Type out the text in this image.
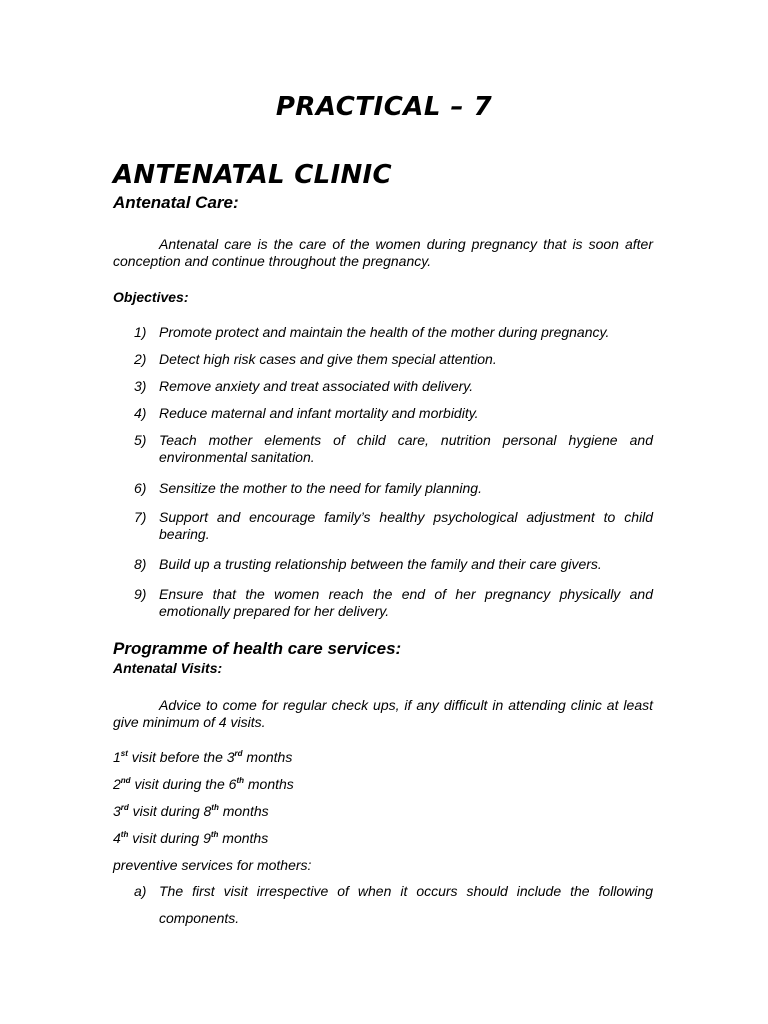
PRACTICAL – 7
ANTENATAL CLINIC
Antenatal Care:
Antenatal care is the care of the women during pregnancy that is soon after conception and continue throughout the pregnancy.
Objectives:
1) Promote protect and maintain the health of the mother during pregnancy.
2) Detect high risk cases and give them special attention.
3) Remove anxiety and treat associated with delivery.
4) Reduce maternal and infant mortality and morbidity.
5) Teach mother elements of child care, nutrition personal hygiene and environmental sanitation.
6) Sensitize the mother to the need for family planning.
7) Support and encourage family’s healthy psychological adjustment to child bearing.
8) Build up a trusting relationship between the family and their care givers.
9) Ensure that the women reach the end of her pregnancy physically and emotionally prepared for her delivery.
Programme of health care services:
Antenatal Visits:
Advice to come for regular check ups, if any difficult in attending clinic at least give minimum of 4 visits.
1st visit before the 3rd months
2nd visit during the 6th months
3rd visit during 8th months
4th visit during 9th months
preventive services for mothers:
a) The first visit irrespective of when it occurs should include the following components.
